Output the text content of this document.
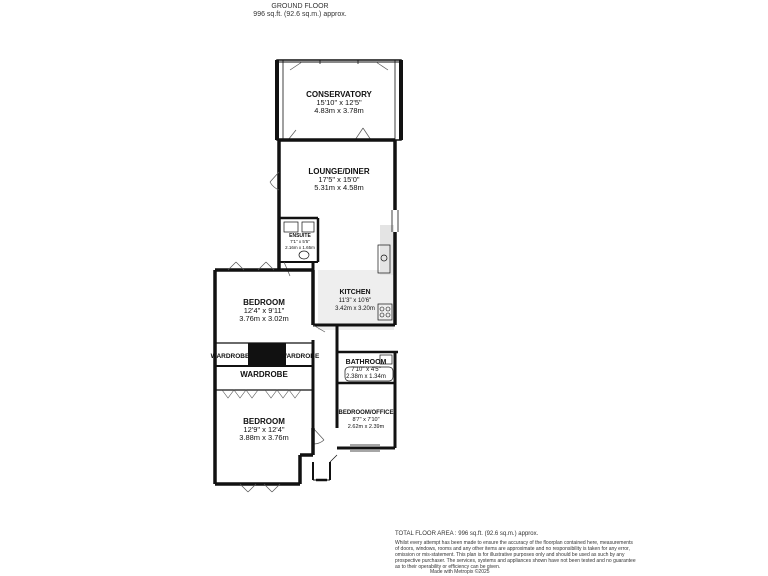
GROUND FLOOR
996 sq.ft. (92.6 sq.m.) approx.
CONSERVATORY
15'10" x 12'5"
4.83m x 3.78m
LOUNGE/DINER
17'5" x 15'0"
5.31m x 4.58m
ENSUITE
7'1" x 5'5"
2.16m x 1.65m
KITCHEN
11'3" x 10'6"
3.42m x 3.20m
BEDROOM
12'4" x 9'11"
3.76m x 3.02m
WARDROBE	WARDROBE
WARDROBE
BATHROOM
7'10" x 4'5"
2.38m x 1.34m
BEDROOM/OFFICE
8'7" x 7'10"
2.62m x 2.39m
BEDROOM
12'9" x 12'4"
3.88m x 3.76m
TOTAL FLOOR AREA : 996 sq.ft. (92.6 sq.m.) approx.
Whilst every attempt has been made to ensure the accuracy of the floorplan contained here, measurements
of doors, windows, rooms and any other items are approximate and no responsibility is taken for any error,
omission or mis-statement. This plan is for illustrative purposes only and should be used as such by any
prospective purchaser. The services, systems and appliances shown have not been tested and no guarantee
as to their operability or efficiency can be given.
Made with Metropix ©2025
